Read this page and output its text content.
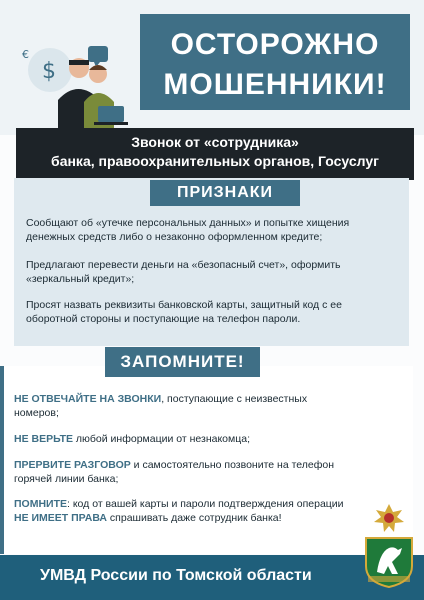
$
€	ОСТОРОЖНО
МОШЕННИКИ!
Звонок от «сотрудника»
банка, правоохранительных органов, Госуслуг
ПРИЗНАКИ
Сообщают об «утечке персональных данных» и попытке хищения денежных средств либо о незаконно оформленном кредите;
Предлагают перевести деньги на «безопасный счет», оформить «зеркальный кредит»;
Просят назвать реквизиты банковской карты, защитный код с ее оборотной стороны и поступающие на телефон пароли.
ЗАПОМНИТЕ!
НЕ ОТВЕЧАЙТЕ НА ЗВОНКИ, поступающие с неизвестных номеров;
НЕ ВЕРЬТЕ любой информации от незнакомца;
ПРЕРВИТЕ РАЗГОВОР и самостоятельно позвоните на телефон горячей линии банка;
ПОМНИТЕ: код от вашей карты и пароли подтверждения операции НЕ ИМЕЕТ ПРАВА спрашивать даже сотрудник банка!
УМВД России по Томской области
